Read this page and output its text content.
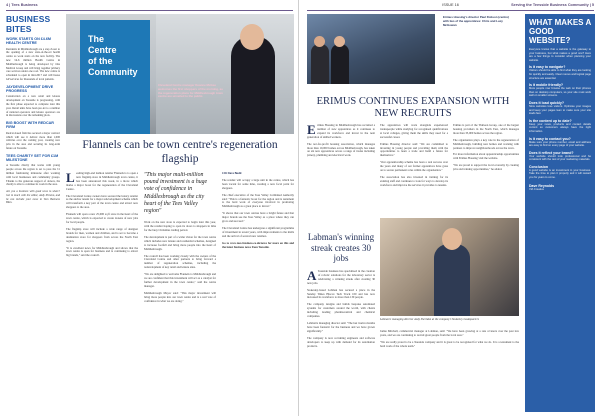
4 | Tees Business
BUSINESS BITES
WORK STARTS ON £4.6M HEALTH CENTRE
Residents in Middlesbrough are a step closer to the opening of a new state-of-the-art health centre as work starts on the new facility. The new £4.6 million Health Centre in Middlesbrough is being developed by One Medical Group and will bring together primary care services under one roof. The new centre is scheduled to open in mid-2017 and will house GP services for thousands of local patients.
JAYDEVELOPMENT DRIVE PROGRESS
Construction on a new retail and leisure development on Teesside is progressing, with the first phase expected to complete later this year. Retail units have been pre-let to a number of national operators and leisure operators are in discussions over the remaining plots.
BIG BOOST WITH REDCAR FIRM
Redcar-based firm has secured a major contract which will see it deliver more than 1,000 vehicles over the coming year, creating new jobs in the area and securing its long-term future on Teesside.
TEES CHARITY SET FOR £1M MILESTONE
A Teesside charity that works with young people across the region is set to pass the £1 million fundraising milestone after working with local businesses and community groups. Thanks to the generous support of donors, the charity is able to continue its work in the area.
Are you a business with good news to share? Get in touch with the editor, Andy Preston, and he can include your news in Tees Business Bites.
The
Centre
of the
Community
Cleveland Centre manager Deanne McGee welcomes the first shoppers of the morning, as the regeneration plans for Middlesbrough town centre are unveiled to the public.
Flannels can be town centre's regeneration flagship

Leading high-end fashion retailer Flannels is to open a new flagship store in Middlesbrough town centre, it has been announced this week, in a move which marks a major boost for the regeneration of the Cleveland Centre.

The Cleveland Centre owners have secured the luxury retailer as the anchor tenant for a major redevelopment scheme which will transform a key part of the town centre and attract new shoppers to the area.

Flannels will open a new 25,000 sq ft store in the heart of the town centre, which is expected to create dozens of new jobs for local people.

The flagship store will include a wide range of designer brands for men, women and children, and is set to become a destination store for shoppers from across the North East region.

"It is excellent news for Middlesbrough and shows that the town centre is open for business and is continuing to attract big brands," said the council.

"This major multi-million pound investment is a huge vote of confidence in Middlesbrough as the city heart of the Tees Valley region"

Work on the new store is expected to begin later this year, with the retailer hoping to open its doors to shoppers in time for the busy Christmas trading period.

The development is part of a wider vision for the town centre which includes new leisure and residential schemes, designed to increase footfall and bring more people into the heart of Middlesbrough.

The council has been working closely with the owners of the Cleveland Centre and other partners to bring forward a number of regeneration schemes, including the redevelopment of key retail and leisure sites.

"We are delighted to welcome Flannels to Middlesbrough and we are confident that this investment will act as a catalyst for further development in the town centre," said the centre manager.

Middlesbrough Mayor said: "This major investment will bring more people into our town centre and is a real vote of confidence in what we are doing."

Cllr Dave Budd

The retailer will occupy a large unit in the centre, which has been vacant for some time, creating a new focal point for shoppers.

The chief executive of the Tees Valley Combined Authority said: "This is a fantastic boost for the region and is testament to the hard work of everyone involved in promoting Middlesbrough as a great place to invest."

"It shows that our town centres have a bright future and that major brands see the Tees Valley as a place where they can grow and succeed."

The Cleveland Centre has undergone a significant programme of investment in recent years, with improvements to the malls and the arrival of several new retailers.

Go to www.tees-business.co.uk/news for more on this and the latest business news from Teesside.

ISSUE 16	Serving the Teesside Business Community | 5
Erimus Housing's director Paul Dobson (centre) with two of the apprentices: Chris and Lucy McGowan
ERIMUS CONTINUES EXPANSION WITH NEW RECRUITS

Erimus Housing in Middlesbrough has recruited a number of new apprentices as it continues to expand its workforce and invest in the next generation of skilled workers.

The not-for-profit housing association, which manages more than 10,000 homes across Middlesbrough, has taken on six new apprentices across a range of trades including joinery, plumbing and electrical work.

The apprentices will work alongside experienced tradespeople while studying for recognised qualifications at local colleges, giving them the skills they need for a successful career.

Erimus Housing director said: "We are committed to investing in young people and providing them with the opportunities to learn a trade and build a future for themselves."

"Our apprenticeship scheme has been a real success over the years and many of our former apprentices have gone on to secure permanent roles within the organisation."

The association has also invested in training for its existing staff and continues to look for ways to develop its workforce and improve the services it provides to tenants.

Erimus is part of the Thirteen Group, one of the largest housing providers in the North East, which manages more than 33,000 homes across the region.

The organisation plays a key role in the regeneration of Middlesbrough, building new homes and working with partners to improve neighbourhoods across the town.

For more information about apprenticeship opportunities with Erimus Housing visit the website.

"We are proud to support the local economy by creating jobs and training opportunities," he added.

Labman's winning streak creates 30 jobs

ATeesside business has specialised in the creation of robotic solutions for the laboratory sector is celebrating a winning streak after creating 30 new jobs.

Stokesley-based Labman has secured a place in the Sunday Times Hiscox Tech Track 100 and has now increased its workforce to more than 130 people.

The company designs and builds bespoke automated systems for customers around the world, with clients including leading pharmaceutical and chemical companies.

Labman's managing director said: "The last twelve months have been fantastic for the business and we have grown significantly."

The company is now recruiting engineers and software developers to keep up with demand for its automation products.

Labman's managing director Andy Sheridan at the company's Stokesley headquarters

Jamie Mitchell, commercial manager at Labman, said: "We have been growing at a rate of knots over the past few years, and we are continuing to recruit great people from the local area."

"We are really proud to be a Teesside company and it is great to be recognised for what we do. It is a testament to the hard work of the whole team."

WHAT MAKES A GOOD WEBSITE?
Everyone knows that a website is the gateway to your business, but what makes a good one? Here are a few things to consider when planning your website.
Is it easy to navigate?
Visitors should be able to find what they are looking for quickly and easily. Clear menus and logical page structure are essential.
Is it mobile friendly?
More people now browse the web on their phones than on desktop computers, so your site must work well on smaller screens.
Does it load quickly?
Slow websites lose visitors. Optimise your images and keep your pages lean to make sure your site loads fast.
Is the content up to date?
Keep your news, products and contact details current so customers always have the right information.
Is it easy to contact you?
Make sure your phone number, email and address are easy to find on every page of your website.
Does it reflect your brand?
Your website should look professional and be consistent with the rest of your marketing materials.
Conclusion
A good website is an investment in your business. Take the time to plan it properly and it will reward you for years to come.
Dave Reynolds
VIA Creative
